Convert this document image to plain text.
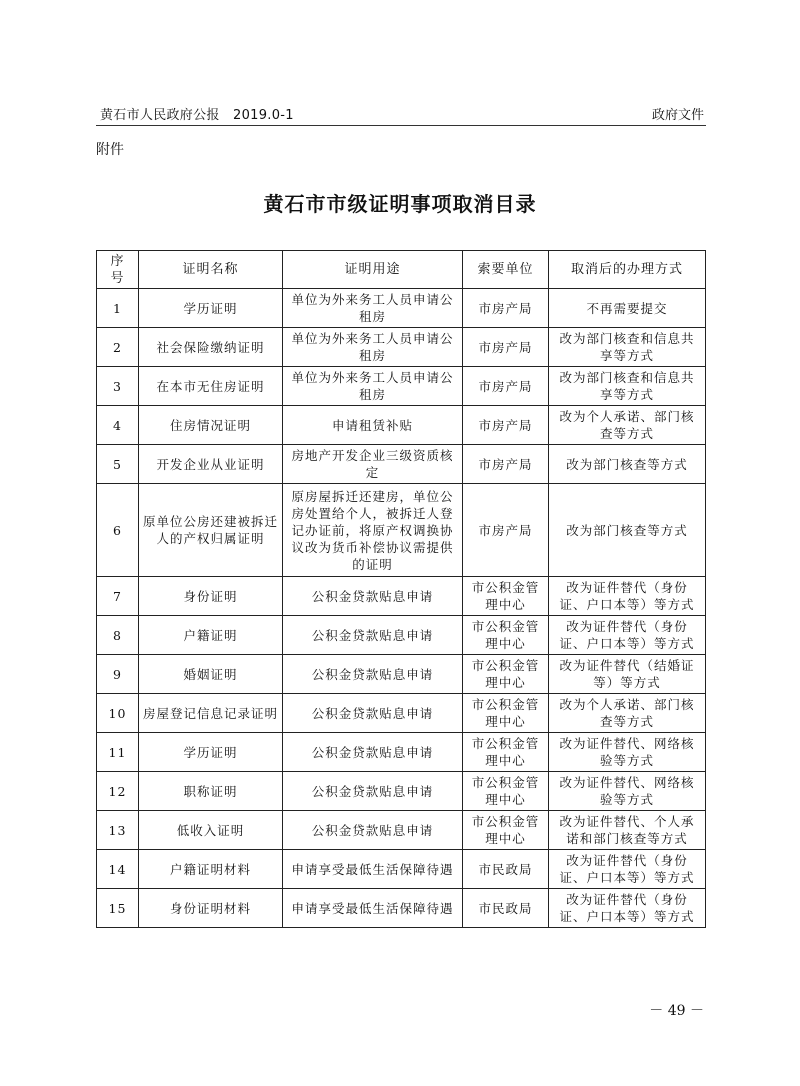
黄石市人民政府公报　2019.0-1	政府文件
附件
黄石市市级证明事项取消目录
序号	证明名称	证明用途	索要单位	取消后的办理方式
1	学历证明	单位为外来务工人员申请公租房	市房产局	不再需要提交
2	社会保险缴纳证明	单位为外来务工人员申请公租房	市房产局	改为部门核查和信息共享等方式
3	在本市无住房证明	单位为外来务工人员申请公租房	市房产局	改为部门核查和信息共享等方式
4	住房情况证明	申请租赁补贴	市房产局	改为个人承诺、部门核查等方式
5	开发企业从业证明	房地产开发企业三级资质核定	市房产局	改为部门核查等方式
6	原单位公房还建被拆迁人的产权归属证明	原房屋拆迁还建房，单位公房处置给个人，被拆迁人登记办证前，将原产权调换协议改为货币补偿协议需提供的证明	市房产局	改为部门核查等方式
7	身份证明	公积金贷款贴息申请	市公积金管理中心	改为证件替代（身份证、户口本等）等方式
8	户籍证明	公积金贷款贴息申请	市公积金管理中心	改为证件替代（身份证、户口本等）等方式
9	婚姻证明	公积金贷款贴息申请	市公积金管理中心	改为证件替代（结婚证等）等方式
10	房屋登记信息记录证明	公积金贷款贴息申请	市公积金管理中心	改为个人承诺、部门核查等方式
11	学历证明	公积金贷款贴息申请	市公积金管理中心	改为证件替代、网络核验等方式
12	职称证明	公积金贷款贴息申请	市公积金管理中心	改为证件替代、网络核验等方式
13	低收入证明	公积金贷款贴息申请	市公积金管理中心	改为证件替代、个人承诺和部门核查等方式
14	户籍证明材料	申请享受最低生活保障待遇	市民政局	改为证件替代（身份证、户口本等）等方式
15	身份证明材料	申请享受最低生活保障待遇	市民政局	改为证件替代（身份证、户口本等）等方式
－ 49 －
